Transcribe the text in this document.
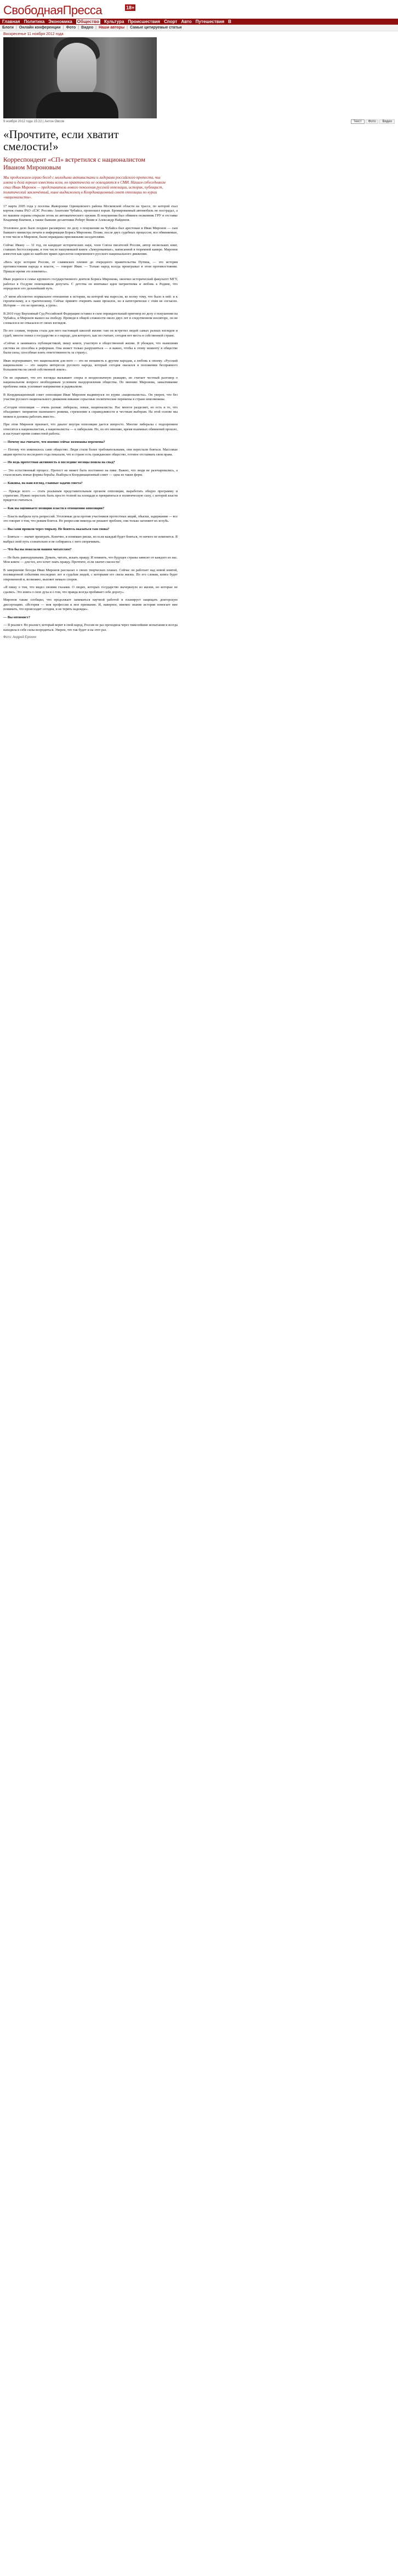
СвободнаяПресса	18+
Главная Политика Экономика Общество Культура Происшествия Спорт Авто Путешествия В
Блоги | Онлайн конференции | Фото | Видео | Наши авторы | Самые цитируемые статьи
Воскресенье 11 ноября 2012 года
9 ноября 2012 года 15:22 | Антон Овсов	Текст	Фото	Видео
«Прочтите, если хватит смелости!»
Корреспондент «СП» встретился с националистом Иваном Мироновым
Мы продолжаем серию бесед с молодыми активистами и лидерами российского протеста, чьи имена и дела хорошо известны всем, но практически не освещаются в СМИ. Нашим собеседником стал Иван Миронов — представитель нового поколения русской оппозиции, историк, публицист, политический заключённый, ныне выдвиженец в Координационный совет оппозиции по курии «националисты».

17 марта 2005 года у поселка Жаворонки Одинцовского района Московской области на трассе, по которой ехал кортеж главы РАО «ЕЭС России» Анатолия Чубайса, произошел взрыв. Бронированный автомобиль не пострадал, а по машине охраны открыли огонь из автоматического оружия. В покушении был обвинен полковник ГРУ в отставке Владимир Квачков, а также бывшие десантники Роберт Яшин и Александр Найденов.

Уголовное дело было позднее расширено: по делу о покушении на Чубайса был арестован и Иван Миронов — сын бывшего министра печати и информации Бориса Миронова. Позже, после двух судебных процессов, все обвиняемые, в том числе и Миронов, были оправданы присяжными заседателями.

Сейчас Ивану — 31 год, он кандидат исторических наук, член Союза писателей России, автор нескольких книг, ставших бестселлерами, в том числе нашумевшей книги «Замурованные», написанной в тюремной камере. Миронов известен как один из наиболее ярких идеологов современного русского национального движения.

«Весь курс истории России, от славянских племен до очередного правительства Путина, — это история противостояния народа и власти, — говорит Иван. — Только народ всегда проигрывал в этом противостоянии. Пришло время это изменить».

Иван родился в семье крупного государственного деятеля Бориса Миронова, окончил исторический факультет МГУ, работал в Госдуме помощником депутата. С детства он впитывал идеи патриотизма и любовь к Родине, что определило его дальнейший путь.

«У меня абсолютно нормальное отношение к истории, на которой мы выросли, ко всему тому, что было в ней: и к героическому, и к трагическому. Сейчас принято очернять наше прошлое, но я категорически с этим не согласен. История — это не приговор, а урок».

В 2010 году Верховный Суд Российской Федерации оставил в силе оправдательный приговор по делу о покушении на Чубайса, и Миронов вышел на свободу. Проведя в общей сложности около двух лет в следственном изоляторе, он не сломался и не отказался от своих взглядов.

По его словам, тюрьма стала для него настоящей школой жизни: там он встретил людей самых разных взглядов и судеб, многое понял о государстве и о народе, для которого, как он считает, сегодня нет места в собственной стране.

«Сейчас я занимаюсь публицистикой, пишу книги, участвую в общественной жизни. Я убежден, что нынешняя система не способна к реформам. Она может только разрушиться — и важно, чтобы к этому моменту в обществе были силы, способные взять ответственность за страну».

Иван подчеркивает, что национализм для него — это не ненависть к другим народам, а любовь к своему. «Русский национализм — это защита интересов русского народа, который сегодня оказался в положении бесправного большинства на своей собственной земле».

Он не скрывает, что его взгляды вызывают споры и неоднозначную реакцию, но считает честный разговор о национальном вопросе необходимым условием выздоровления общества. По мнению Миронова, замалчивание проблемы лишь усиливает напряжение и радикализм.

В Координационный совет оппозиции Иван Миронов выдвинулся по курии «националисты». Он уверен, что без участия русского национального движения никакие серьезные политические перемены в стране невозможны.

«Сегодня оппозиция — очень разная: либералы, левые, националисты. Нас многое разделяет, но есть и то, что объединяет: неприятие нынешнего режима, стремление к справедливости и честным выборам. На этой основе мы можем и должны работать вместе».

При этом Миронов признает, что диалог внутри оппозиции дается непросто. Многие либералы с подозрением относятся к националистам, а националисты — к либералам. Но, по его мнению, время взаимных обвинений прошло, и наступает время совместной работы.

— Почему вы считаете, что именно сейчас возможны перемены?

— Потому что изменилось само общество. Люди стали более требовательными, они перестали бояться. Массовые акции протеста последнего года показали, что в стране есть гражданское общество, готовое отстаивать свои права.

— Но ведь протестная активность в последние месяцы пошла на спад?

— Это естественный процесс. Протест не может быть постоянно на пике. Важно, что люди не разочаровались, а стали искать новые формы борьбы. Выборы в Координационный совет — одна из таких форм.

— Каковы, на ваш взгляд, главные задачи совета?

— Прежде всего — стать реальным представительным органом оппозиции, выработать общую программу и стратегию. Нужно перестать быть просто толпой на площади и превратиться в политическую силу, с которой власти придется считаться.

— Как вы оцениваете позицию власти в отношении оппозиции?

— Власть выбрала путь репрессий. Уголовные дела против участников протестных акций, обыски, задержания — все это говорит о том, что режим боится. Но репрессии никогда не решают проблем, они только загоняют их вглубь.

— Вы сами прошли через тюрьму. Не боитесь оказаться там снова?

— Бояться — значит проиграть. Конечно, я понимаю риски, но если каждый будет бояться, то ничего не изменится. Я выбрал свой путь сознательно и не собираюсь с него сворачивать.

— Что бы вы пожелали нашим читателям?

— Не быть равнодушными. Думать, читать, искать правду. И помнить, что будущее страны зависит от каждого из нас. Мои книги — для тех, кто хочет знать правду. Прочтите, если хватит смелости!

В завершение беседы Иван Миронов рассказал о своих творческих планах. Сейчас он работает над новой книгой, посвященной событиям последних лет и судьбам людей, с которыми его свела жизнь. По его словам, книга будет откровенной и, возможно, вызовет немало споров.

«Я пишу о том, что видел своими глазами. О людях, которых государство вычеркнуло из жизни, но которые не сдались. Это книга о силе духа и о том, что правда всегда пробивает себе дорогу».

Миронов также сообщил, что продолжает заниматься научной работой и планирует защищать докторскую диссертацию. «История — моя профессия и мое призвание. И, наверное, именно знание истории помогает мне понимать, что происходит сегодня, и не терять надежды».

— Вы оптимист?

— Я реалист. Но реалист, который верит в свой народ. Россия не раз проходила через тяжелейшие испытания и всегда находила в себе силы возродиться. Уверен, что так будет и на этот раз.

Фото: Андрей Ерохин
